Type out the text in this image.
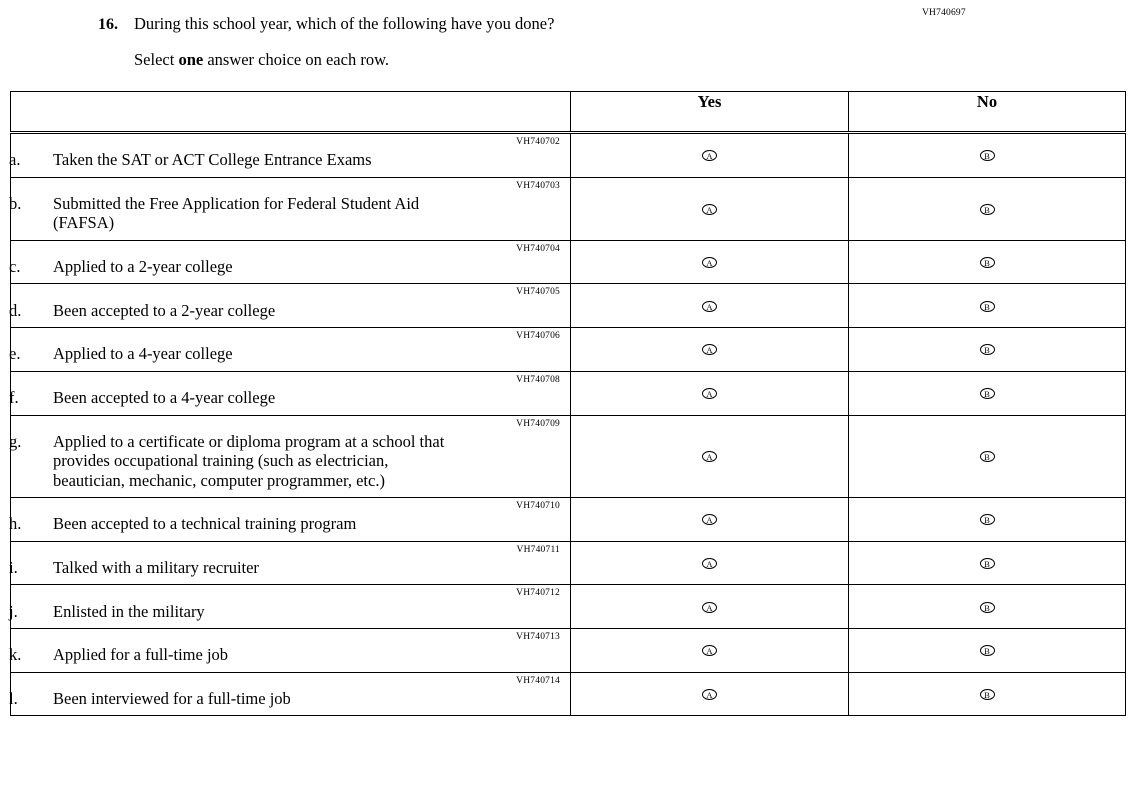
VH740697
16. During this school year, which of the following have you done?
Select one answer choice on each row.
	Yes	No

VH740702
a. Taken the SAT or ACT College Entrance Exams	A	B

VH740703
b. Submitted the Free Application for Federal Student Aid
(FAFSA)	A	B

VH740704
c. Applied to a 2-year college	A	B

VH740705
d. Been accepted to a 2-year college	A	B

VH740706
e. Applied to a 4-year college	A	B

VH740708
f. Been accepted to a 4-year college	A	B

VH740709
g. Applied to a certificate or diploma program at a school that
provides occupational training (such as electrician,
beautician, mechanic, computer programmer, etc.)	A	B

VH740710
h. Been accepted to a technical training program	A	B

VH740711
i. Talked with a military recruiter	A	B

VH740712
j. Enlisted in the military	A	B

VH740713
k. Applied for a full-time job	A	B

VH740714
l. Been interviewed for a full-time job	A	B
